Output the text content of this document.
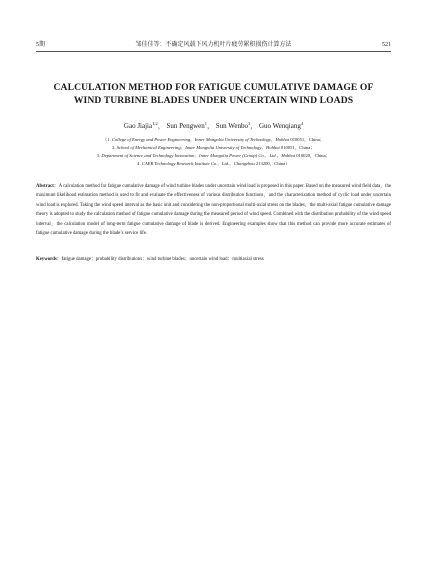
5期	邹佳佳等：不确定风载下风力机叶片疲劳累积损伤计算方法	521
CALCULATION METHOD FOR FATIGUE CUMULATIVE DAMAGE OF
WIND TURBINE BLADES UNDER UNCERTAIN WIND LOADS
Gao Jiajia$^{1,2}$， Sun Pengwen$^1$， Sun Wenbo$^3$， Guo Wenqiang$^4$
（1. College of Energy and Power Engineering，Inner Mongolia University of Technology，Hohhot 010051，China；
2. School of Mechanical Engineering，Inner Mongolia University of Technology，Hohhot 010051，China；
3. Department of Science and Technology Innovation，Inner Mongolia Power (Group) Co.，Ltd.，Hohhot 010020，China；
4. CAER Technology Research Institute Co.，Ltd.，Changzhou 213200，China）
Abstract：A calculation method for fatigue cumulative damage of wind turbine blades under uncertain wind load is proposed in this paper. Based on the measured wind field data，the maximum likelihood estimation method is used to fit and evaluate the effectiveness of various distribution functions，and the characterization method of cyclic load under uncertain wind load is explored. Taking the wind speed interval as the basic unit and considering the non-proportional multi-axial stress on the blades，the multi-axial fatigue cumulative damage theory is adopted to study the calculation method of fatigue cumulative damage during the measured period of wind speed. Combined with the distribution probability of the wind speed interval，the calculation model of long-term fatigue cumulative damage of blade is derived. Engineering examples show that this method can provide more accurate estimates of fatigue cumulative damage during the blade’s service life.
Keywords：fatigue damage；probability distributions；wind turbine blades；uncertain wind load；multiaxial stress
